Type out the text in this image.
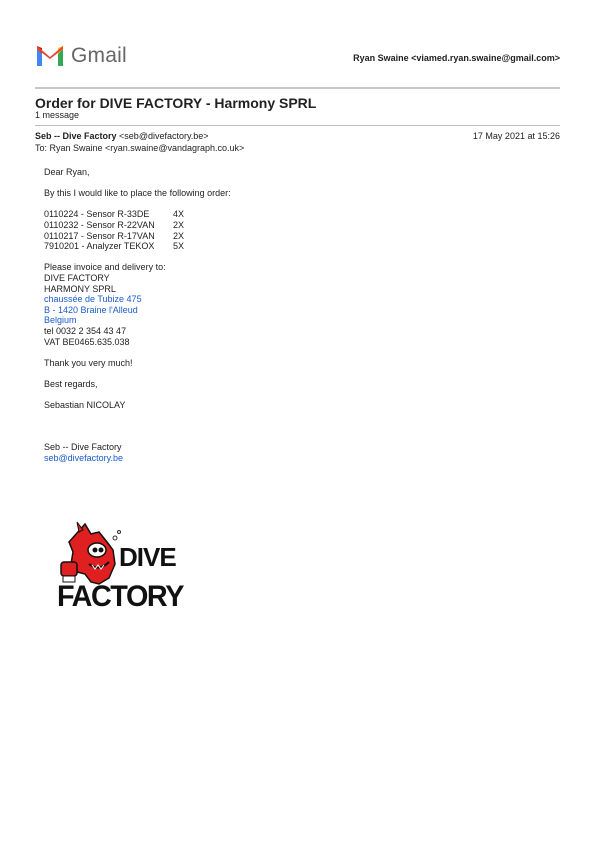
Gmail	Ryan Swaine <viamed.ryan.swaine@gmail.com>
Order for DIVE FACTORY - Harmony SPRL
1 message
Seb -- Dive Factory <seb@divefactory.be>	17 May 2021 at 15:26
To: Ryan Swaine <ryan.swaine@vandagraph.co.uk>
Dear Ryan,
By this I would like to place the following order:
0110224 - Sensor R-33DE	4X
0110232 - Sensor R-22VAN	2X
0110217 - Sensor R-17VAN	2X
7910201 - Analyzer TEKOX	5X
Please invoice and delivery to:
DIVE FACTORY
HARMONY SPRL
chaussée de Tubize 475
B - 1420 Braine l'Alleud
Belgium
tel 0032 2 354 43 47
VAT BE0465.635.038
Thank you very much!
Best regards,
Sebastian NICOLAY
Seb -- Dive Factory
seb@divefactory.be
DIVE
FACTORY
